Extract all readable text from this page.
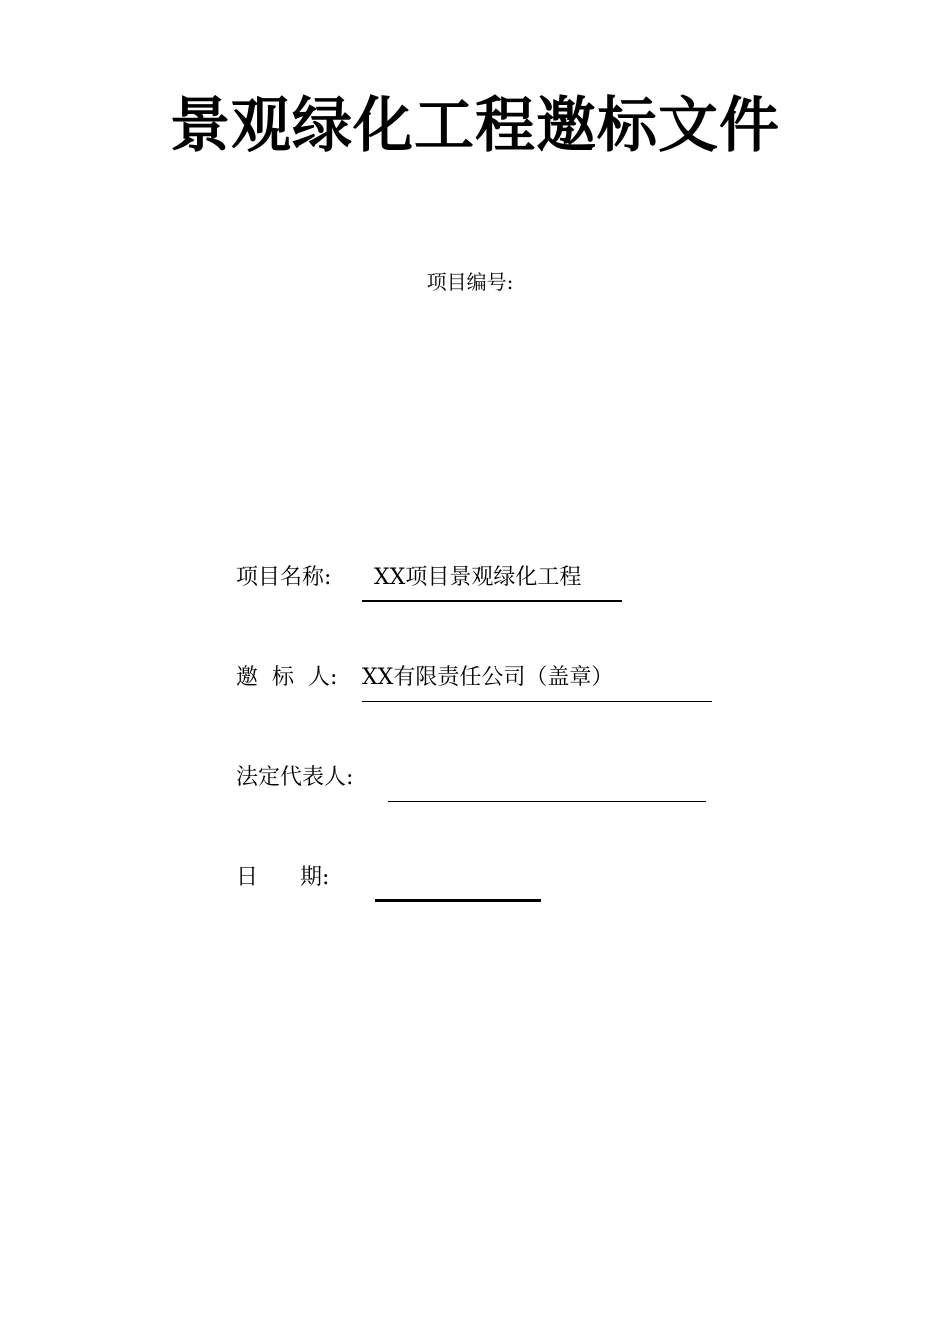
景观绿化工程邀标文件
项目编号:
项目名称: XX项目景观绿化工程
邀  标  人: XX有限责任公司（盖章）
法定代表人:
日      期:
